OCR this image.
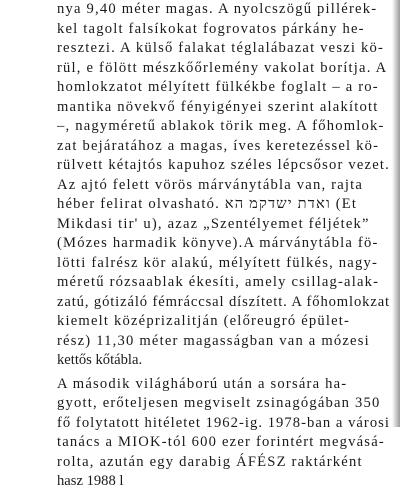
nya 9,40 méter magas. A nyolcszögű pillérek-
kel tagolt falsíkokat fogrovatos párkány he-
resztezi. A külső falakat téglalábazat veszi kö-
rül, e fölött mészkőőrlemény vakolat borítja. A
homlokzatot mélyített fülkékbe foglalt – a ro-
mantika növekvő fényigényei szerint alakított
–, nagyméretű ablakok törik meg. A főhomlok-
zat bejáratához a magas, íves keretezéssel kö-
rülvett kétajtós kapuhoz széles lépcsősor vezet.
Az ajtó felett vörös márványtábla van, rajta
héber felirat olvasható. ואדת ישדקמ הא (Et
Mikdasi tir' u), azaz „Szentélyemet féljétek”
(Mózes harmadik könyve).A márványtábla fö-
lötti falrész kör alakú, mélyített fülkés, nagy-
méretű rózsaablak ékesíti, amely csillag-alak-
zatú, gótizáló fémráccsal díszített. A főhomlokzat
kiemelt középrizalitján (előreugró épület-
rész) 11,30 méter magasságban van a mózesi
kettős kőtábla.
A második világháború után a sorsára ha-
gyott, erőteljesen megviselt zsinagógában 350
fő folytatott hitéletet 1962-ig. 1978-ban a városi
tanács a MIOK-tól 600 ezer forintért megvásá-
rolta, azután egy darabig ÁFÉSZ raktárként
hasz 1988 l
